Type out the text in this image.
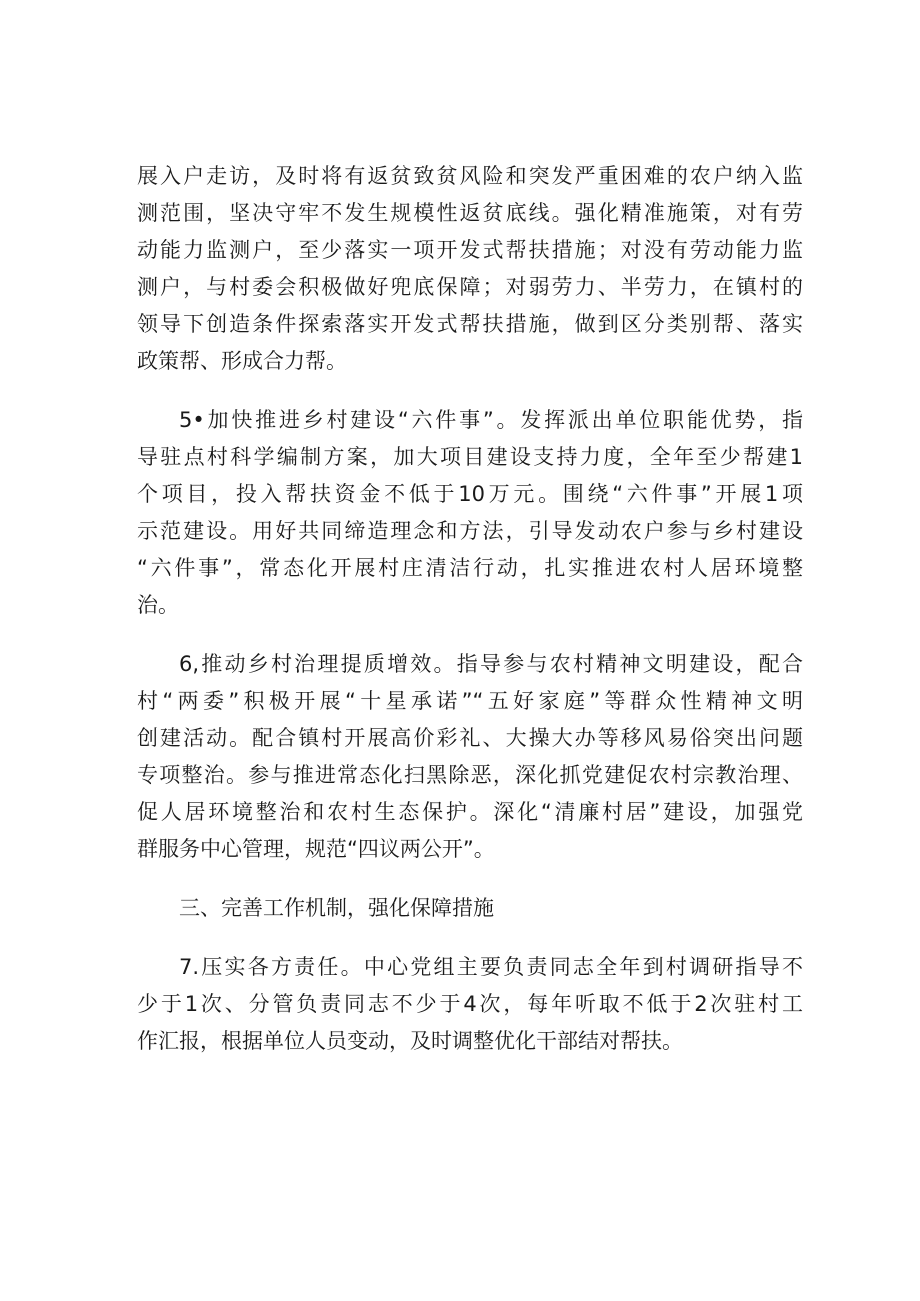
展入户走访，及时将有返贫致贫风险和突发严重困难的农户纳入监
测范围，坚决守牢不发生规模性返贫底线。强化精准施策，对有劳
动能力监测户，至少落实一项开发式帮扶措施；对没有劳动能力监
测户，与村委会积极做好兜底保障；对弱劳力、半劳力，在镇村的
领导下创造条件探索落实开发式帮扶措施，做到区分类别帮、落实
政策帮、形成合力帮。
5•加快推进乡村建设“六件事”。发挥派出单位职能优势，指
导驻点村科学编制方案，加大项目建设支持力度，全年至少帮建1
个项目，投入帮扶资金不低于10万元。围绕“六件事”开展1项
示范建设。用好共同缔造理念和方法，引导发动农户参与乡村建设
“六件事”，常态化开展村庄清洁行动，扎实推进农村人居环境整
治。
6,推动乡村治理提质增效。指导参与农村精神文明建设，配合
村“两委”积极开展“十星承诺”“五好家庭”等群众性精神文明
创建活动。配合镇村开展高价彩礼、大操大办等移风易俗突出问题
专项整治。参与推进常态化扫黑除恶，深化抓党建促农村宗教治理、
促人居环境整治和农村生态保护。深化“清廉村居”建设，加强党
群服务中心管理，规范“四议两公开”。
三、完善工作机制，强化保障措施
7.压实各方责任。中心党组主要负责同志全年到村调研指导不
少于1次、分管负责同志不少于4次，每年听取不低于2次驻村工
作汇报，根据单位人员变动，及时调整优化干部结对帮扶。
